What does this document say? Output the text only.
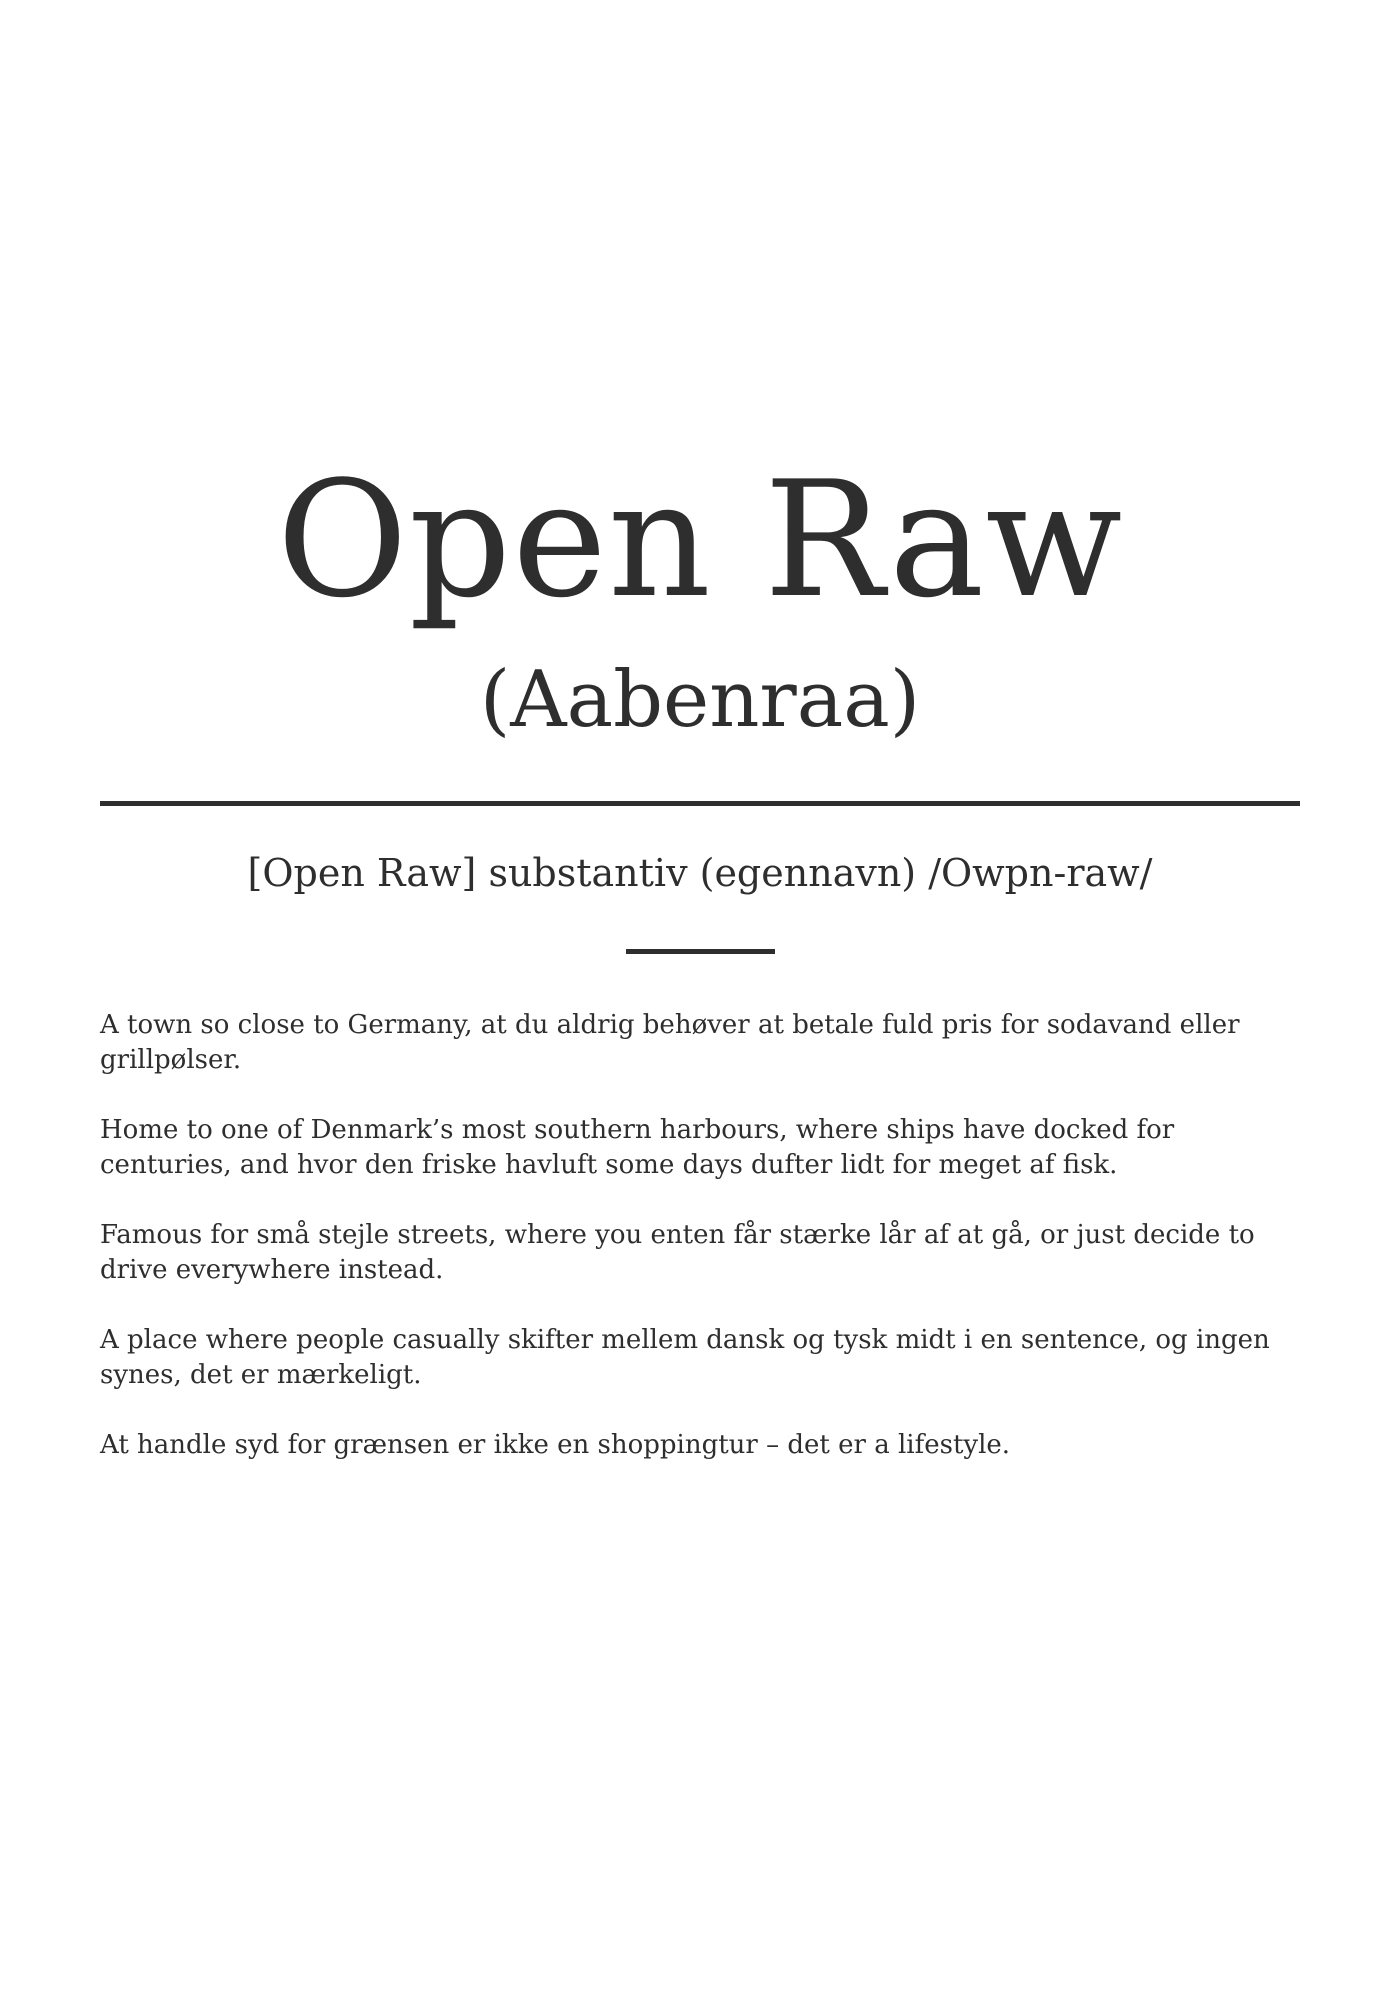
Open Raw
(Aabenraa)

[Open Raw] substantiv (egennavn) /Owpn-raw/

A town so close to Germany, at du aldrig behøver at betale fuld pris for sodavand eller grillpølser.
Home to one of Denmark’s most southern harbours, where ships have docked for centuries, and hvor den friske havluft some days dufter lidt for meget af fisk.
Famous for små stejle streets, where you enten får stærke lår af at gå, or just decide to drive everywhere instead.
A place where people casually skifter mellem dansk og tysk midt i en sentence, og ingen synes, det er mærkeligt.
At handle syd for grænsen er ikke en shoppingtur – det er a lifestyle.
